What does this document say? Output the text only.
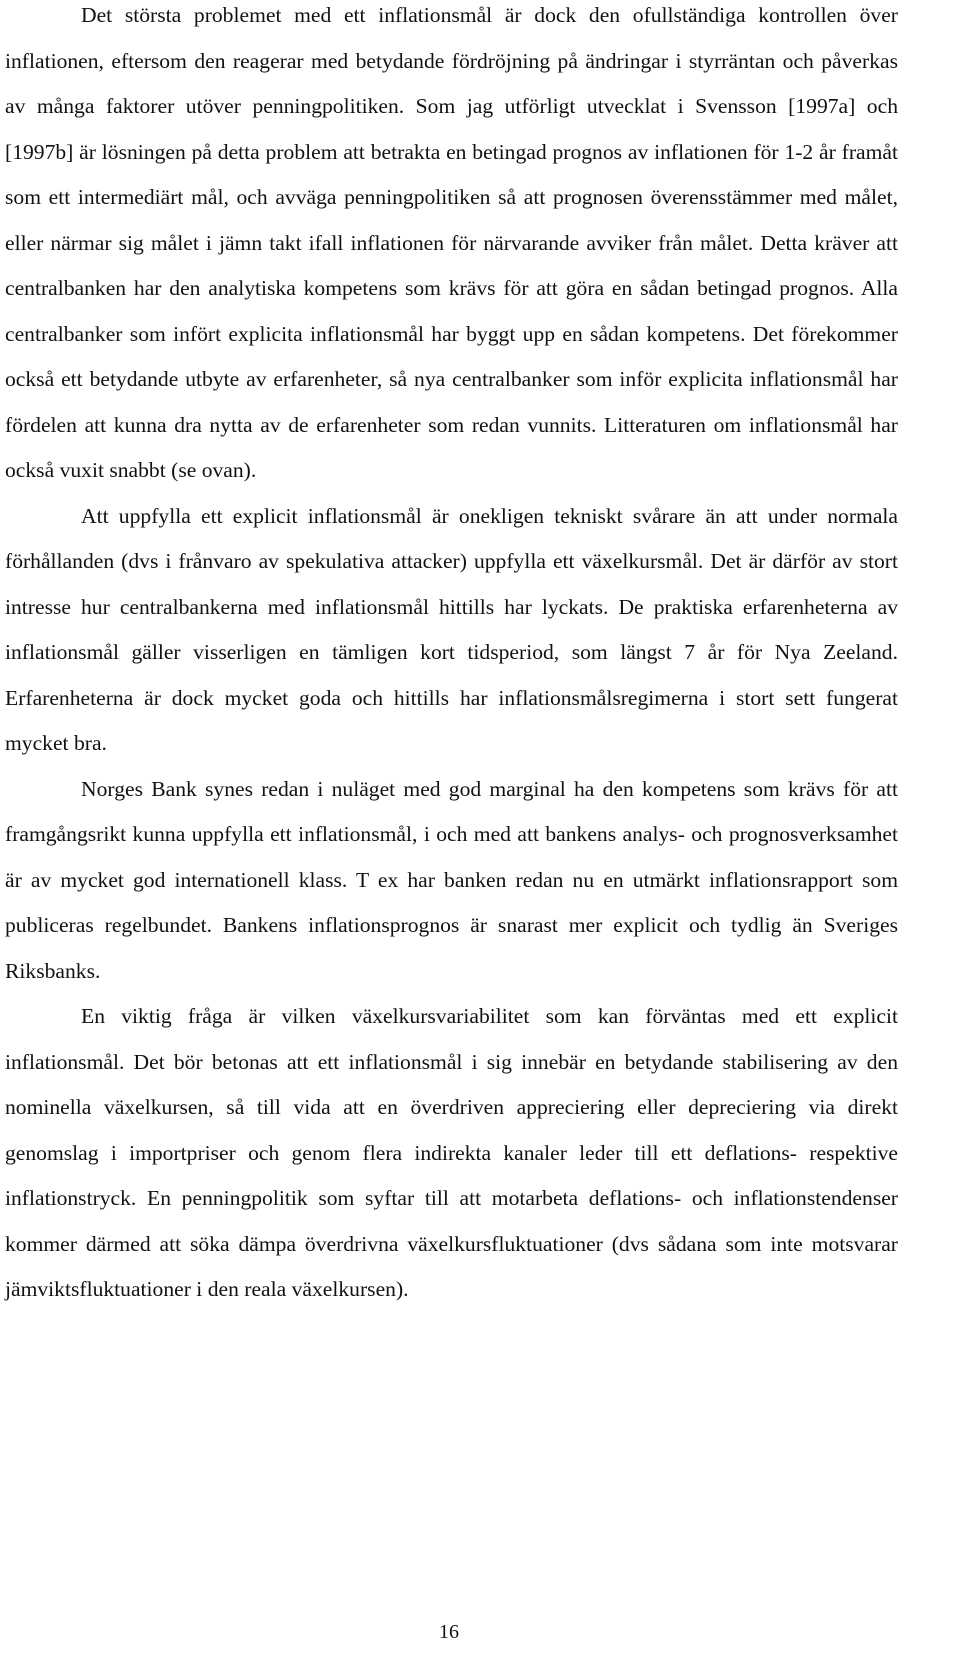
Det största problemet med ett inflationsmål är dock den ofullständiga kontrollen över inflationen, eftersom den reagerar med betydande fördröjning på ändringar i styrräntan och påverkas av många faktorer utöver penningpolitiken. Som jag utförligt utvecklat i Svensson [1997a] och [1997b] är lösningen på detta problem att betrakta en betingad prognos av inflationen för 1-2 år framåt som ett intermediärt mål, och avväga penningpolitiken så att prognosen överensstämmer med målet, eller närmar sig målet i jämn takt ifall inflationen för närvarande avviker från målet. Detta kräver att centralbanken har den analytiska kompetens som krävs för att göra en sådan betingad prognos. Alla centralbanker som infört explicita inflationsmål har byggt upp en sådan kompetens. Det förekommer också ett betydande utbyte av erfarenheter, så nya centralbanker som inför explicita inflationsmål har fördelen att kunna dra nytta av de erfarenheter som redan vunnits. Litteraturen om inflationsmål har också vuxit snabbt (se ovan).

Att uppfylla ett explicit inflationsmål är onekligen tekniskt svårare än att under normala förhållanden (dvs i frånvaro av spekulativa attacker) uppfylla ett växelkursmål. Det är därför av stort intresse hur centralbankerna med inflationsmål hittills har lyckats. De praktiska erfarenheterna av inflationsmål gäller visserligen en tämligen kort tidsperiod, som längst 7 år för Nya Zeeland. Erfarenheterna är dock mycket goda och hittills har inflationsmålsregimerna i stort sett fungerat mycket bra.

Norges Bank synes redan i nuläget med god marginal ha den kompetens som krävs för att framgångsrikt kunna uppfylla ett inflationsmål, i och med att bankens analys- och prognosverksamhet är av mycket god internationell klass. T ex har banken redan nu en utmärkt inflationsrapport som publiceras regelbundet. Bankens inflationsprognos är snarast mer explicit och tydlig än Sveriges Riksbanks.

En viktig fråga är vilken växelkursvariabilitet som kan förväntas med ett explicit inflationsmål. Det bör betonas att ett inflationsmål i sig innebär en betydande stabilisering av den nominella växelkursen, så till vida att en överdriven appreciering eller depreciering via direkt genomslag i importpriser och genom flera indirekta kanaler leder till ett deflations- respektive inflationstryck. En penningpolitik som syftar till att motarbeta deflations- och inflationstendenser kommer därmed att söka dämpa överdrivna växelkursfluktuationer (dvs sådana som inte motsvarar jämviktsfluktuationer i den reala växelkursen).

16
